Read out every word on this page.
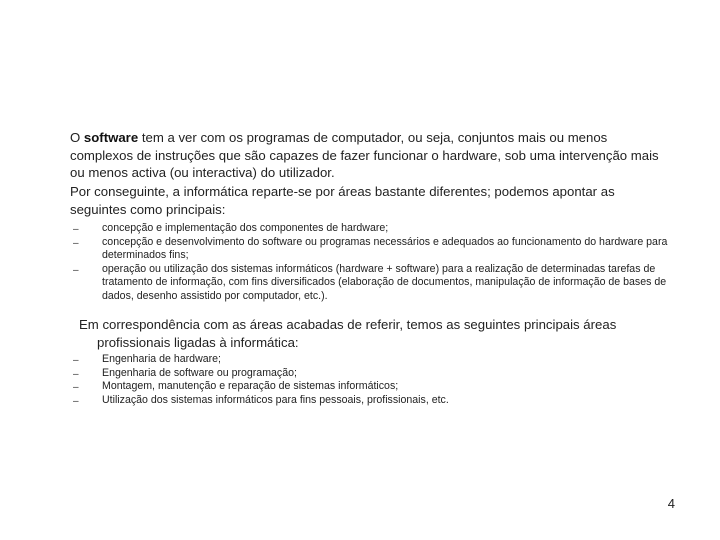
O software tem a ver com os programas de computador, ou seja, conjuntos mais ou menos complexos de instruções que são capazes de fazer funcionar o hardware, sob uma intervenção mais ou menos activa (ou interactiva) do utilizador.

Por conseguinte, a informática reparte-se por áreas bastante diferentes; podemos apontar as seguintes como principais:

– concepção e implementação dos componentes de hardware;
– concepção e desenvolvimento do software ou programas necessários e adequados ao funcionamento do hardware para determinados fins;
– operação ou utilização dos sistemas informáticos (hardware + software) para a realização de determinadas tarefas de tratamento de informação, com fins diversificados (elaboração de documentos, manipulação de informação de bases de dados, desenho assistido por computador, etc.).

Em correspondência com as áreas acabadas de referir, temos as seguintes principais áreas profissionais ligadas à informática:

– Engenharia de hardware;
– Engenharia de software ou programação;
– Montagem, manutenção e reparação de sistemas informáticos;
– Utilização dos sistemas informáticos para fins pessoais, profissionais, etc.
4
